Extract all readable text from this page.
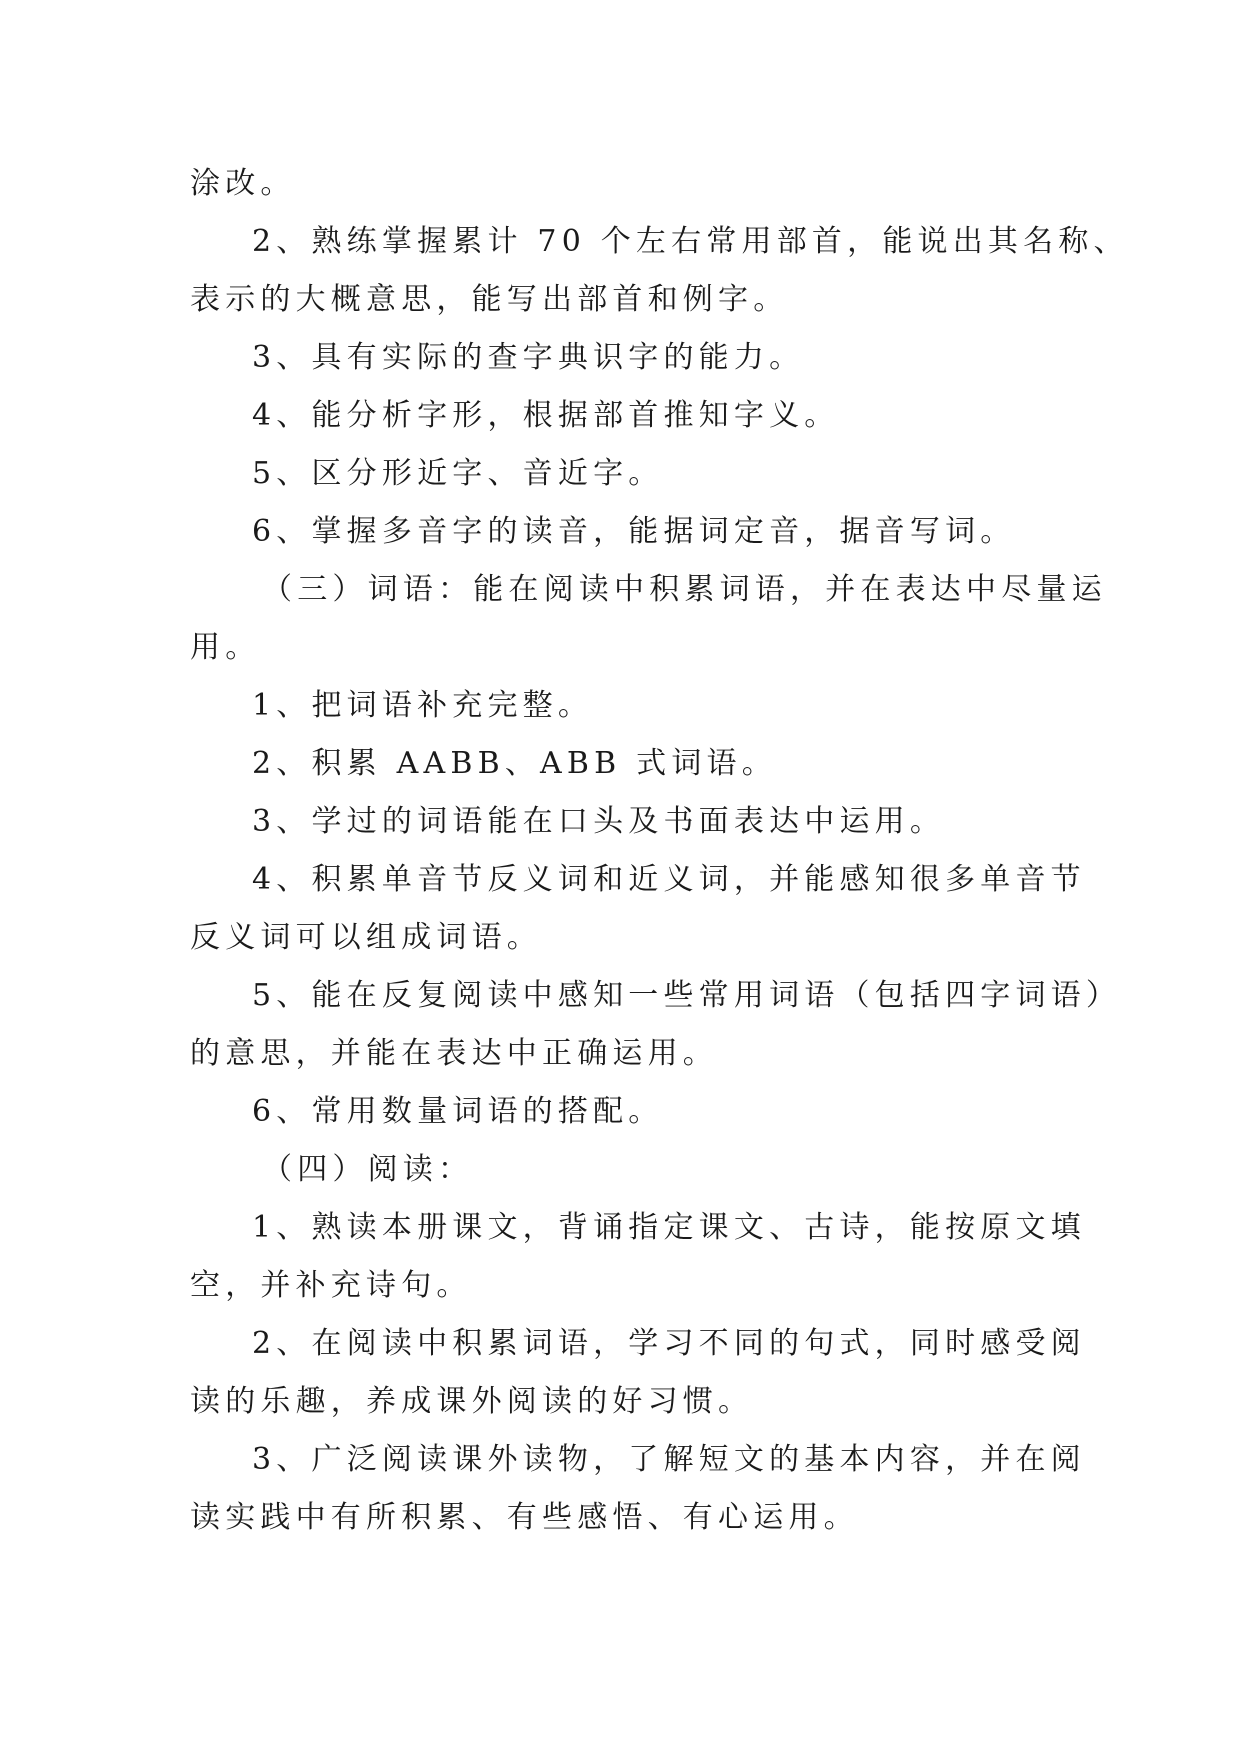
涂改。
2、熟练掌握累计 70 个左右常用部首，能说出其名称、
表示的大概意思，能写出部首和例字。
3、具有实际的查字典识字的能力。
4、能分析字形，根据部首推知字义。
5、区分形近字、音近字。
6、掌握多音字的读音，能据词定音，据音写词。
（三）词语：能在阅读中积累词语，并在表达中尽量运
用。
1、把词语补充完整。
2、积累 AABB、ABB 式词语。
3、学过的词语能在口头及书面表达中运用。
4、积累单音节反义词和近义词，并能感知很多单音节
反义词可以组成词语。
5、能在反复阅读中感知一些常用词语（包括四字词语）
的意思，并能在表达中正确运用。
6、常用数量词语的搭配。
（四）阅读：
1、熟读本册课文，背诵指定课文、古诗，能按原文填
空，并补充诗句。
2、在阅读中积累词语，学习不同的句式，同时感受阅
读的乐趣，养成课外阅读的好习惯。
3、广泛阅读课外读物，了解短文的基本内容，并在阅
读实践中有所积累、有些感悟、有心运用。
